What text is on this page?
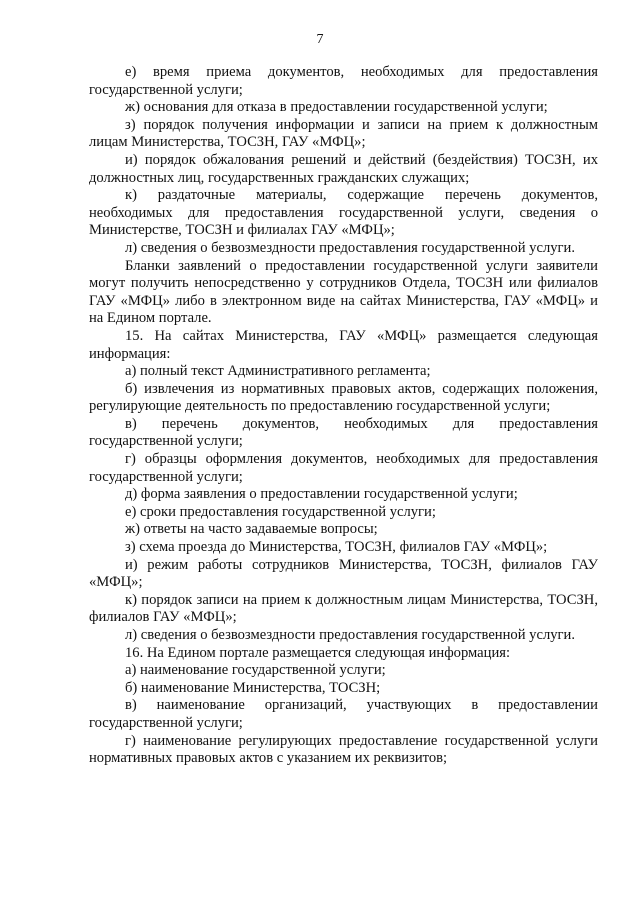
7

е) время приема документов, необходимых для предоставления государственной услуги;

ж) основания для отказа в предоставлении государственной услуги;

з) порядок получения информации и записи на прием к должностным лицам Министерства, ТОСЗН, ГАУ «МФЦ»;

и) порядок обжалования решений и действий (бездействия) ТОСЗН, их должностных лиц, государственных гражданских служащих;

к) раздаточные материалы, содержащие перечень документов, необходимых для предоставления государственной услуги, сведения о Министерстве, ТОСЗН и филиалах ГАУ «МФЦ»;

л) сведения о безвозмездности предоставления государственной услуги.

Бланки заявлений о предоставлении государственной услуги заявители могут получить непосредственно у сотрудников Отдела, ТОСЗН или филиалов ГАУ «МФЦ» либо в электронном виде на сайтах Министерства, ГАУ «МФЦ» и на Едином портале.

15. На сайтах Министерства, ГАУ «МФЦ» размещается следующая информация:

а) полный текст Административного регламента;

б) извлечения из нормативных правовых актов, содержащих положения, регулирующие деятельность по предоставлению государственной услуги;

в) перечень документов, необходимых для предоставления государственной услуги;

г) образцы оформления документов, необходимых для предоставления государственной услуги;

д) форма заявления о предоставлении государственной услуги;

е) сроки предоставления государственной услуги;

ж) ответы на часто задаваемые вопросы;

з) схема проезда до Министерства, ТОСЗН, филиалов ГАУ «МФЦ»;

и) режим работы сотрудников Министерства, ТОСЗН, филиалов ГАУ «МФЦ»;

к) порядок записи на прием к должностным лицам Министерства, ТОСЗН, филиалов ГАУ «МФЦ»;

л) сведения о безвозмездности предоставления государственной услуги.

16. На Едином портале размещается следующая информация:

а) наименование государственной услуги;

б) наименование Министерства, ТОСЗН;

в) наименование организаций, участвующих в предоставлении государственной услуги;

г) наименование регулирующих предоставление государственной услуги нормативных правовых актов с указанием их реквизитов;
